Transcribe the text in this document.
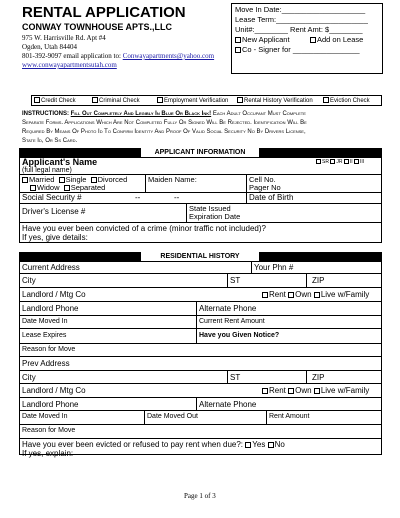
RENTAL APPLICATION
CONWAY TOWNHOUSE APTS.,LLC
975 W. Harrisville Rd. Apt #4
Ogden, Utah 84404
801-392-9097 email application to: Conwayapartments@yahoo.com
www.conwayapartmentsutah.com
Move In Date:____________________
Lease Term:______________________
Unit#:________ Rent Amt: $________
New Applicant	Add on Lease
Co - Signer for ________________
Credit Check	Criminal Check	Employment Verification	Rental History Verification	Eviction Check
INSTRUCTIONS: Fill Out Completely And Legibly In Blue Or Black Ink! Each Adult Occupant Must Complete
Separate Forms. Applications Which Are Not Completed Fully Or Signed Will Be Rejected. Identification Will Be
Required By Means Of Photo Id To Confirm Identity And Proof Of Valid Social Security No By Drivers License,
State Id, Or Ss Card.
APPLICANT INFORMATION
Applicant's Name
(full legal name)
SR JR II III
Married Single Divorced
Widow Separated
Maiden Name:	Cell No.
Pager No
Social Security #	--	--	Date of Birth
Driver's License #	State Issued
Expiration Date
Have you ever been convicted of a crime (minor traffic not included)?
If yes, give details:
RESIDENTIAL HISTORY
Current Address	Your Phn #
City	ST	ZIP
Landlord / Mtg Co	Rent Own Live w/Family
Landlord Phone	Alternate Phone
Date Moved In	Current Rent Amount
Lease Expires	Have you Given Notice?
Reason for Move
Prev Address
City	ST	ZIP
Landlord / Mtg Co	Rent Own Live w/Family
Landlord Phone	Alternate Phone
Date Moved In	Date Moved Out	Rent Amount
Reason for Move
Have you ever been evicted or refused to pay rent when due?: Yes No
If yes, explain:
Page 1 of 3
